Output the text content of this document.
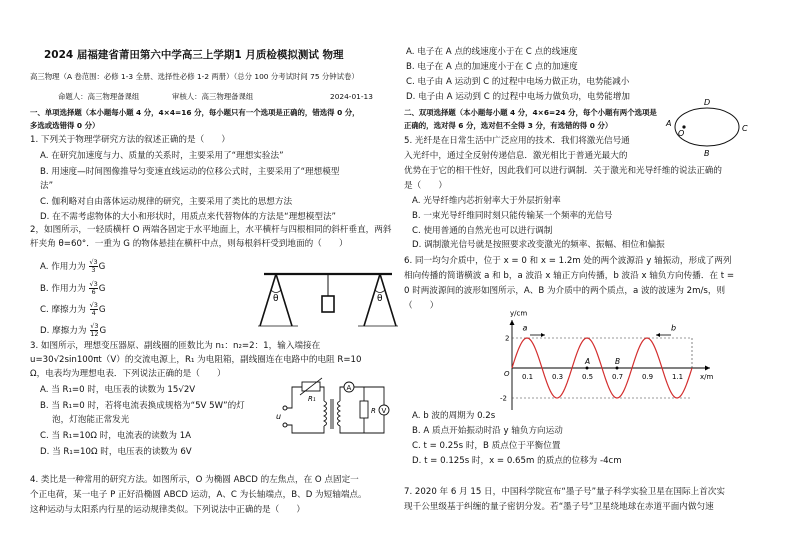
2024 届福建省莆田第六中学高三上学期1 月质检模拟测试 物理
高三物理（A 卷范围：必修 1-3 全册、选择性必修 1-2 两册）（总分 100 分考试时间 75 分钟试卷）
命题人：高三物理备课组	审核人：高三物理备课组	2024-01-13
一、单项选择题（本小题每小题 4 分，4×4=16 分，每小题只有一个选项是正确的，错选得 0 分，
多选或选错得 0 分）
1. 下列关于物理学研究方法的叙述正确的是（　　）
A. 在研究加速度与力、质量的关系时，主要采用了“理想实验法”
B. 用速度—时间图像推导匀变速直线运动的位移公式时，主要采用了“理想模型
法”
C. 伽利略对自由落体运动规律的研究，主要采用了类比的思想方法
D. 在不需考虑物体的大小和形状时，用质点来代替物体的方法是“理想模型法”
2，如图所示，一轻质横杆 O 两端各固定于水平地面上，水平横杆与四根相同的斜杆垂直，两斜
杆夹角 θ=60°．一重为 G 的物体悬挂在横杆中点，则每根斜杆受到地面的（　　）
A. 作用力为 $\frac{√3}{3}$ G
B. 作用力为 $\frac{√3}{6}$ G
C. 摩擦力为 $\frac{√3}{4}$ G
D. 摩擦力为 $\frac{√3}{12}$ G
θ	θ
3. 如图所示，理想变压器原、副线圈的匝数比为 n₁：n₂=2：1，输入端接在
u=30√2sin100πt（V）的交流电源上，R₁ 为电阻箱，副线圈连在电路中的电阻 R=10
Ω，电表均为理想电表．下列说法正确的是（　　）
A. 当 R₁=0 时，电压表的读数为 15√2V
B. 当 R₁=0 时，若将电流表换成规格为“5V 5W”的灯
泡，灯泡能正常发光
C. 当 R₁=10Ω 时，电流表的读数为 1A
D. 当 R₁=10Ω 时，电压表的读数为 6V
u
R₁
A
V
R
4. 类比是一种常用的研究方法。如图所示，O 为椭圆 ABCD 的左焦点，在 O 点固定一
个正电荷，某一电子 P 正好沿椭圆 ABCD 运动，A、C 为长轴端点，B、D 为短轴端点。
这种运动与太阳系内行星的运动规律类似。下列说法中正确的是（　　）
A. 电子在 A 点的线速度小于在 C 点的线速度
B. 电子在 A 点的加速度小于在 C 点的加速度
C. 电子由 A 运动到 C 的过程中电场力做正功，电势能减小
D. 电子由 A 运动到 C 的过程中电场力做负功，电势能增加
A
D
C
B
O
二、双项选择题（本小题每小题 4 分，4×6=24 分，每个小题有两个选项是
正确的，选对得 6 分，选对但不全得 3 分，有选错的得 0 分）
5. 光纤是在日常生活中广泛应用的技术．我们将激光信号通
入光纤中，通过全反射传递信息．激光相比于普通光最大的
优势在于它的相干性好，因此我们可以进行调制．关于激光和光导纤维的说法正确的
是（　　）
A. 光导纤维内芯折射率大于外层折射率
B. 一束光导纤维同时刻只能传输某一个频率的光信号
C. 使用普通的自然光也可以进行调制
D. 调制激光信号就是按照要求改变激光的频率、振幅、相位和偏振
6. 同一均匀介质中，位于 x = 0 和 x = 1.2m 处的两个波源沿 y 轴振动，形成了两列
相向传播的简谐横波 a 和 b，a 波沿 x 轴正方向传播，b 波沿 x 轴负方向传播．在 t =
0 时两波源间的波形如图所示，A、B 为介质中的两个质点，a 波的波速为 2m/s，则
（　　）
a	b
y/cm
x/m
O
2
-2
0.1	0.3	0.5	0.7	0.9	1.1
A	B
A. b 波的周期为 0.2s
B. A 质点开始振动时沿 y 轴负方向运动
C. t = 0.25s 时，B 质点位于平衡位置
D. t = 0.125s 时，x = 0.65m 的质点的位移为 -4cm
7. 2020 年 6 月 15 日，中国科学院宣布“墨子号”量子科学实验卫星在国际上首次实
现千公里级基于纠缠的量子密钥分发。若“墨子号”卫星绕地球在赤道平面内做匀速
